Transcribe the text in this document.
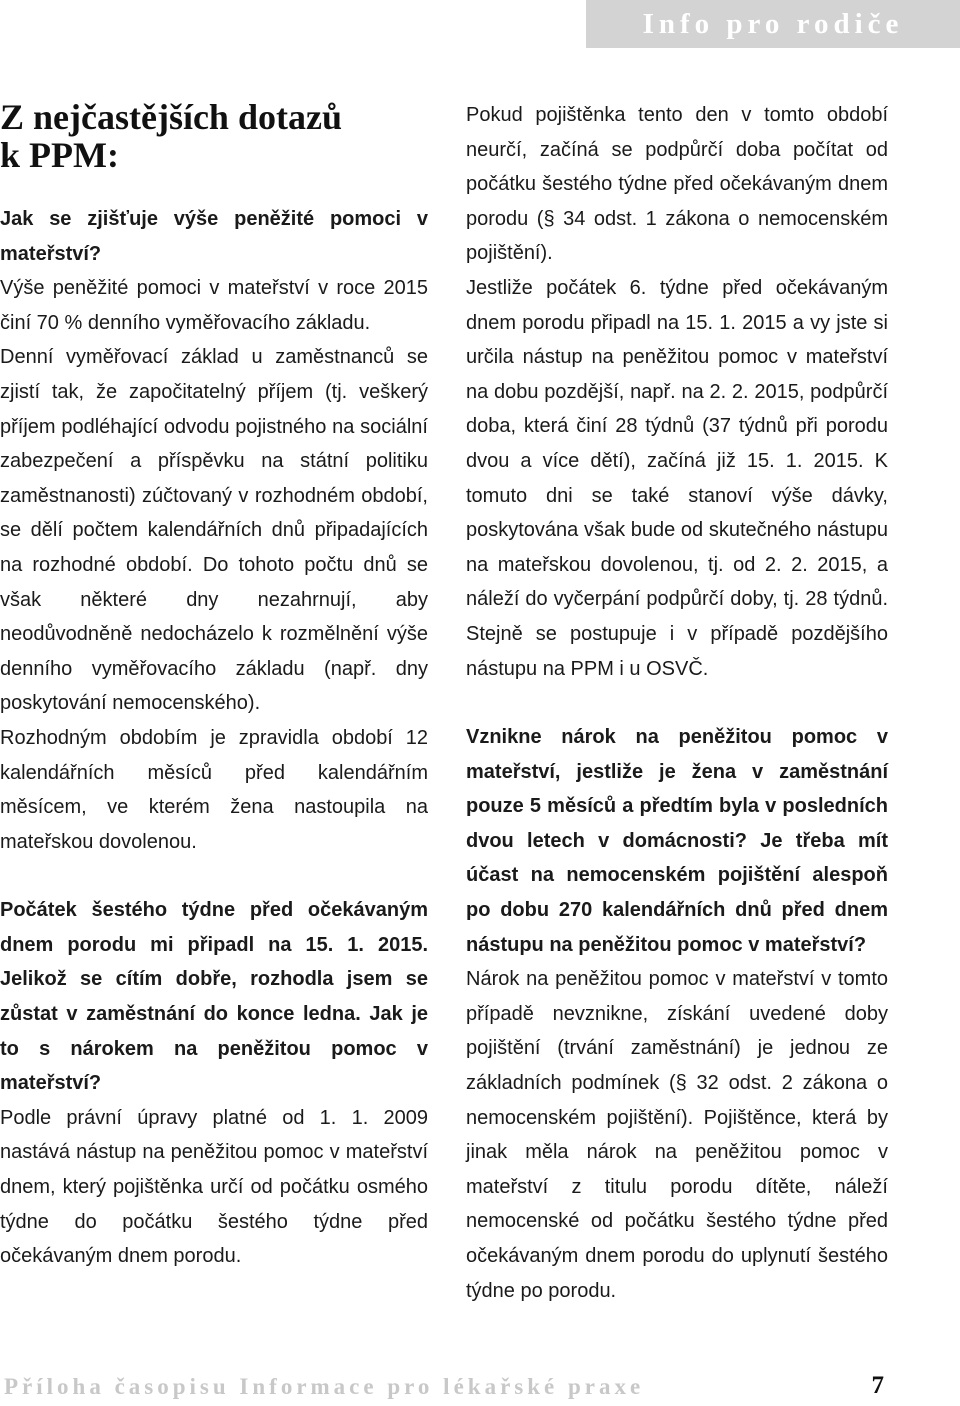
Info pro rodiče
Z nejčastějších dotazů
k PPM:

Jak se zjišťuje výše peněžité pomoci v mateřství?

Výše peněžité pomoci v mateřství v roce 2015 činí 70 % denního vyměřovacího základu.

Denní vyměřovací základ u zaměstnanců se zjistí tak, že započitatelný příjem (tj. veškerý příjem podléhající odvodu pojistného na sociální zabezpečení a příspěvku na státní politiku zaměstnanosti) zúčtovaný v rozhodném období, se dělí počtem kalendářních dnů připadajících na rozhodné období. Do tohoto počtu dnů se však některé dny nezahrnují, aby neodůvodněně nedocházelo k rozmělnění výše denního vyměřovacího základu (např. dny poskytování nemocenského).

Rozhodným obdobím je zpravidla období 12 kalendářních měsíců před kalendářním měsícem, ve kterém žena nastoupila na mateřskou dovolenou.

Počátek šestého týdne před očekávaným dnem porodu mi připadl na 15. 1. 2015. Jelikož se cítím dobře, rozhodla jsem se zůstat v zaměstnání do konce ledna. Jak je to s nárokem na peněžitou pomoc v mateřství?

Podle právní úpravy platné od 1. 1. 2009 nastává nástup na peněžitou pomoc v mateřství dnem, který pojištěnka určí od počátku osmého týdne do počátku šestého týdne před očekávaným dnem porodu.

Pokud pojištěnka tento den v tomto období neurčí, začíná se podpůrčí doba počítat od počátku šestého týdne před očekávaným dnem porodu (§ 34 odst. 1 zákona o nemocenském pojištění).

Jestliže počátek 6. týdne před očekávaným dnem porodu připadl na 15. 1. 2015 a vy jste si určila nástup na peněžitou pomoc v mateřství na dobu pozdější, např. na 2. 2. 2015, podpůrčí doba, která činí 28 týdnů (37 týdnů při porodu dvou a více dětí), začíná již 15. 1. 2015. K tomuto dni se také stanoví výše dávky, poskytována však bude od skutečného nástupu na mateřskou dovolenou, tj. od 2. 2. 2015, a náleží do vyčerpání podpůrčí doby, tj. 28 týdnů. Stejně se postupuje i v případě pozdějšího nástupu na PPM i u OSVČ.

Vznikne nárok na peněžitou pomoc v mateřství, jestliže je žena v zaměstnání pouze 5 měsíců a předtím byla v posledních dvou letech v domácnosti? Je třeba mít účast na nemocenském pojištění alespoň po dobu 270 kalendářních dnů před dnem nástupu na peněžitou pomoc v mateřství?

Nárok na peněžitou pomoc v mateřství v tomto případě nevznikne, získání uvedené doby pojištění (trvání zaměstnání) je jednou ze základních podmínek (§ 32 odst. 2 zákona o nemocenském pojištění). Pojištěnce, která by jinak měla nárok na peněžitou pomoc v mateřství z titulu porodu dítěte, náleží nemocenské od počátku šestého týdne před očekávaným dnem porodu do uplynutí šestého týdne po porodu.

Příloha časopisu Informace pro lékařské praxe	7
